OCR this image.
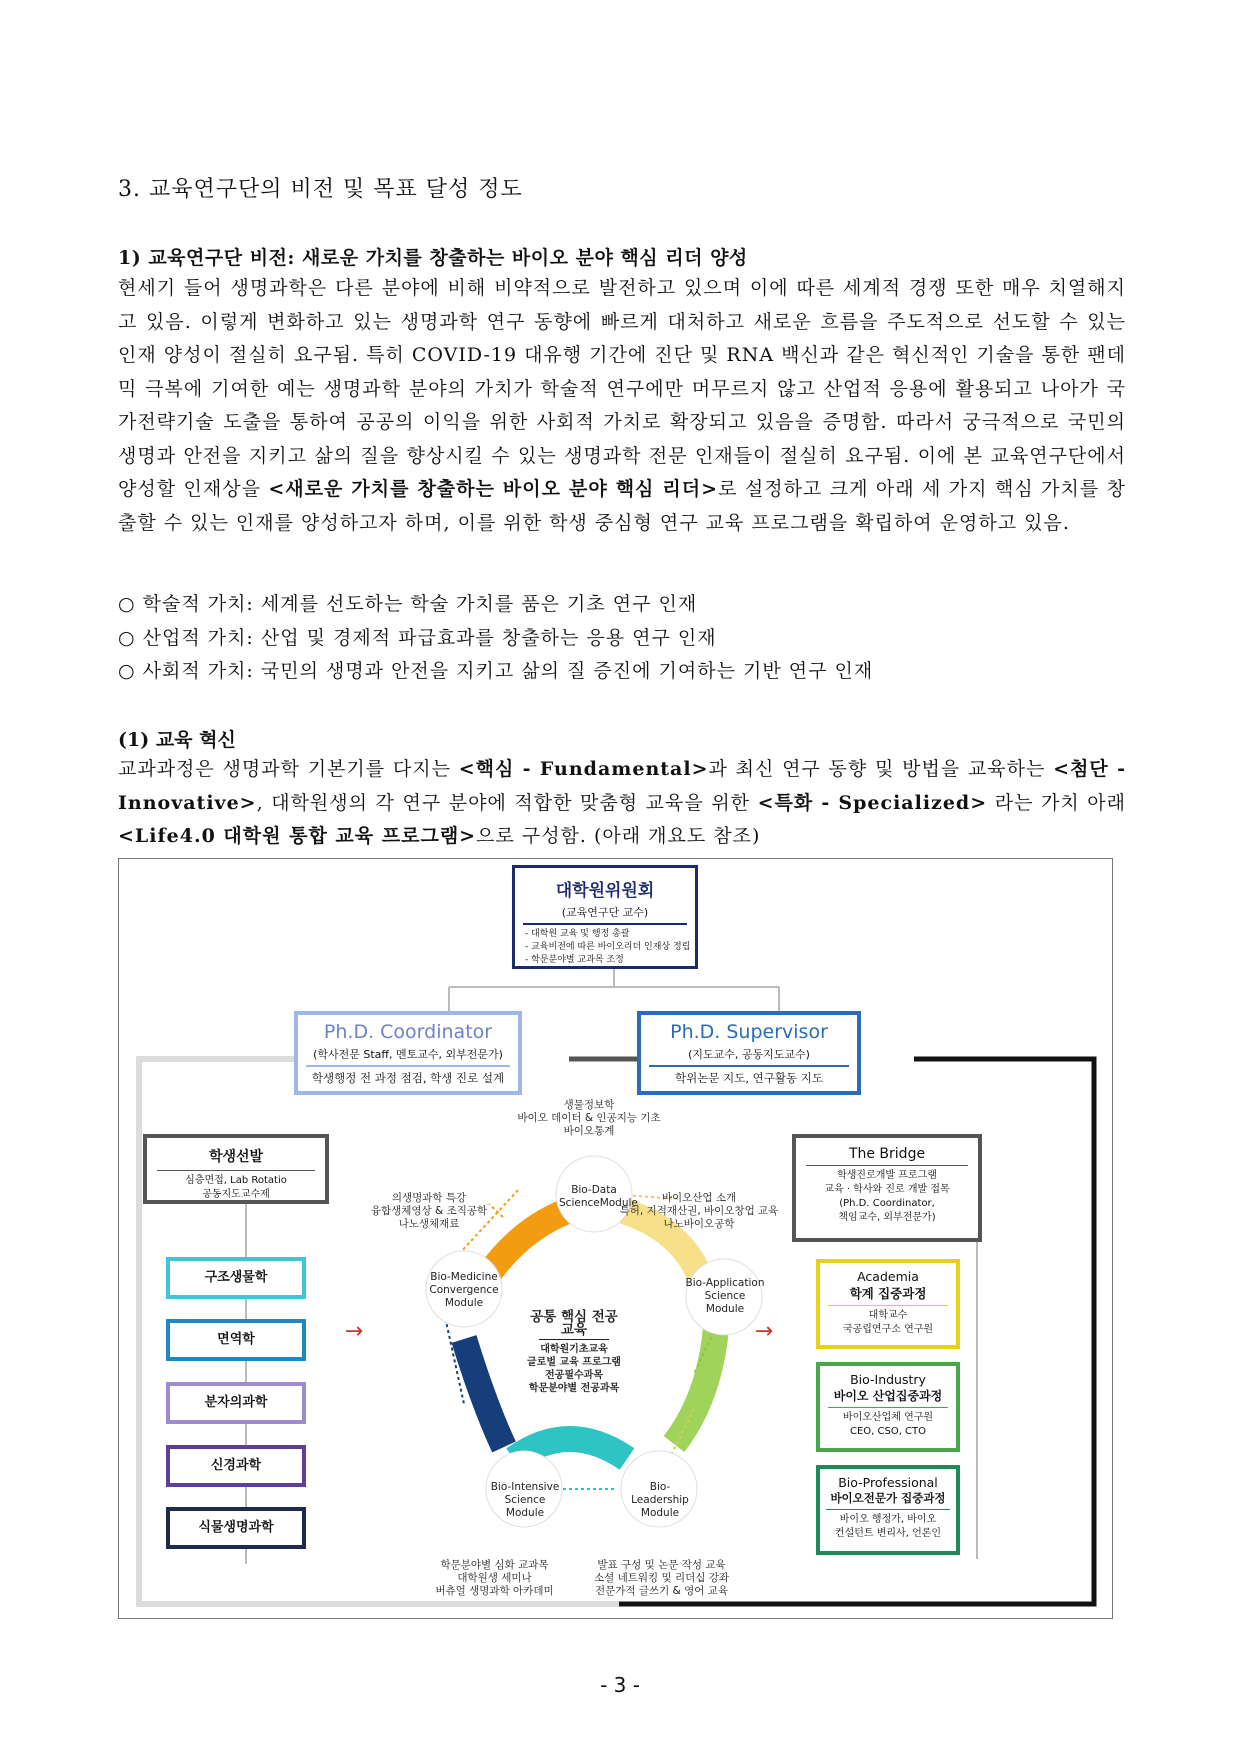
3. 교육연구단의 비전 및 목표 달성 정도
1) 교육연구단 비전: 새로운 가치를 창출하는 바이오 분야 핵심 리더 양성
현세기 들어 생명과학은 다른 분야에 비해 비약적으로 발전하고 있으며 이에 따른 세계적 경쟁 또한 매우 치열해지고 있음. 이렇게 변화하고 있는 생명과학 연구 동향에 빠르게 대처하고 새로운 흐름을 주도적으로 선도할 수 있는 인재 양성이 절실히 요구됨. 특히 COVID-19 대유행 기간에 진단 및 RNA 백신과 같은 혁신적인 기술을 통한 팬데믹 극복에 기여한 예는 생명과학 분야의 가치가 학술적 연구에만 머무르지 않고 산업적 응용에 활용되고 나아가 국가전략기술 도출을 통하여 공공의 이익을 위한 사회적 가치로 확장되고 있음을 증명함. 따라서 궁극적으로 국민의 생명과 안전을 지키고 삶의 질을 향상시킬 수 있는 생명과학 전문 인재들이 절실히 요구됨. 이에 본 교육연구단에서 양성할 인재상을 <새로운 가치를 창출하는 바이오 분야 핵심 리더>로 설정하고 크게 아래 세 가지 핵심 가치를 창출할 수 있는 인재를 양성하고자 하며, 이를 위한 학생 중심형 연구 교육 프로그램을 확립하여 운영하고 있음.
○ 학술적 가치: 세계를 선도하는 학술 가치를 품은 기초 연구 인재
○ 산업적 가치: 산업 및 경제적 파급효과를 창출하는 응용 연구 인재
○ 사회적 가치: 국민의 생명과 안전을 지키고 삶의 질 증진에 기여하는 기반 연구 인재
(1) 교육 혁신
교과과정은 생명과학 기본기를 다지는 <핵심 - Fundamental>과 최신 연구 동향 및 방법을 교육하는 <첨단 - Innovative>, 대학원생의 각 연구 분야에 적합한 맞춤형 교육을 위한 <특화 - Specialized> 라는 가치 아래 <Life4.0 대학원 통합 교육 프로그램>으로 구성함. (아래 개요도 참조)
대학원위원회
(교육연구단 교수)
- 대학원 교육 및 행정 총괄
- 교육비전에 따른 바이오리더 인재상 정립
- 학문분야별 교과목 조정
Ph.D. Coordinator
(학사전문 Staff, 멘토교수, 외부전문가)
학생행정 전 과정 점검, 학생 진로 설계
Ph.D. Supervisor
(지도교수, 공동지도교수)
학위논문 지도, 연구활동 지도
학생선발
심층면접, Lab Rotatio
공동지도교수제
구조생물학
면역학
분자의과학
신경과학
식물생명과학
→	→
The Bridge
학생진로개발 프로그램
교육 · 학사와 진로 개발 접목
(Ph.D. Coordinator,
책임교수, 외부전문가)
Academia
학계 집중과정
대학교수
국공립연구소 연구원
Bio-Industry
바이오 산업집중과정
바이오산업체 연구원
CEO, CSO, CTO
Bio-Professional
바이오전문가 집중과정
바이오 행정가, 바이오
컨설턴트 변리사, 언론인
공통 핵심 전공
교육
대학원기초교육
글로벌 교육 프로그램
전공필수과목
학문분야별 전공과목
Bio-Data ScienceModule
Bio-Application Science Module
Bio-Leadership Module
Bio-Intensive Science Module
Bio-Medicine Convergence Module
생물정보학
바이오 데이터 & 인공지능 기초
바이오통계
바이오산업 소개
특허, 지적재산권, 바이오창업 교육
나노바이오공학
발표 구성 및 논문 작성 교육
소셜 네트워킹 및 리더십 강좌
전문가적 글쓰기 & 영어 교육
학문분야별 심화 교과목
대학원생 세미나
버츄얼 생명과학 아카데미
의생명과학 특강
융합생체영상 & 조직공학
나노생체재료
- 3 -
